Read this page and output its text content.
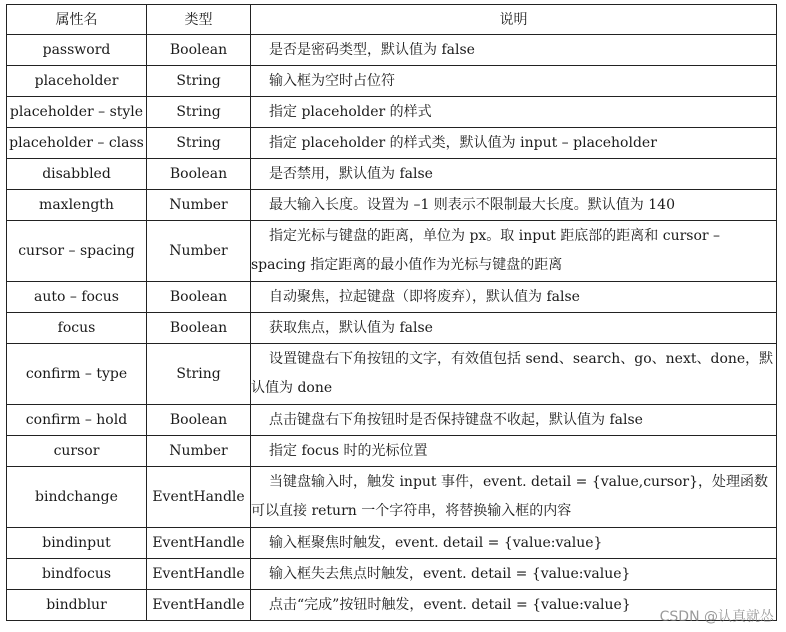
属性名	类型	说明
password	Boolean	是否是密码类型，默认值为 false
placeholder	String	输入框为空时占位符
placeholder – style	String	指定 placeholder 的样式
placeholder – class	String	指定 placeholder 的样式类，默认值为 input – placeholder
disabbled	Boolean	是否禁用，默认值为 false
maxlength	Number	最大输入长度。设置为 –1 则表示不限制最大长度。默认值为 140
cursor – spacing	Number	指定光标与键盘的距离，单位为 px。取 input 距底部的距离和 cursor – spacing 指定距离的最小值作为光标与键盘的距离
auto – focus	Boolean	自动聚焦，拉起键盘（即将废弃），默认值为 false
focus	Boolean	获取焦点，默认值为 false
confirm – type	String	设置键盘右下角按钮的文字，有效值包括 send、search、go、next、done，默认值为 done
confirm – hold	Boolean	点击键盘右下角按钮时是否保持键盘不收起，默认值为 false
cursor	Number	指定 focus 时的光标位置
bindchange	EventHandle	当键盘输入时，触发 input 事件，event. detail = {value,cursor}，处理函数可以直接 return 一个字符串，将替换输入框的内容
bindinput	EventHandle	输入框聚焦时触发，event. detail = {value:value}
bindfocus	EventHandle	输入框失去焦点时触发，event. detail = {value:value}
bindblur	EventHandle	点击“完成”按钮时触发，event. detail = {value:value}
CSDN @认真就怂
